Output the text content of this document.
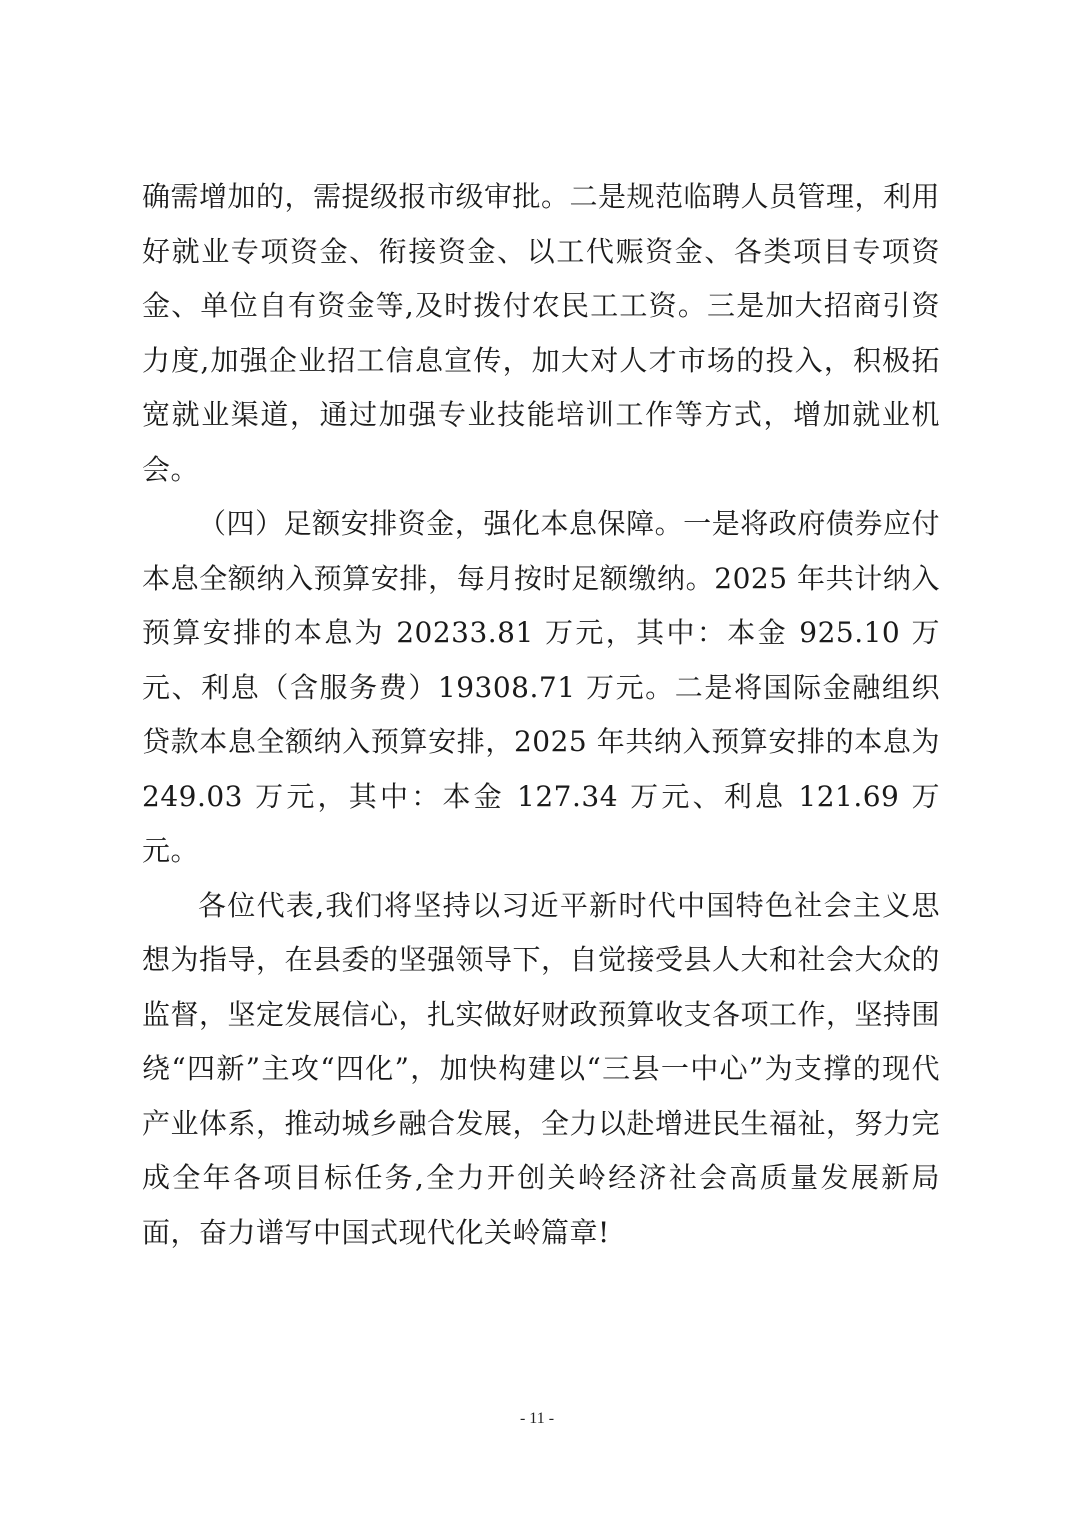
确需增加的，需提级报市级审批。二是规范临聘人员管理，利用好就业专项资金、衔接资金、以工代赈资金、各类项目专项资金、单位自有资金等,及时拨付农民工工资。三是加大招商引资力度,加强企业招工信息宣传，加大对人才市场的投入，积极拓宽就业渠道，通过加强专业技能培训工作等方式，增加就业机会。

（四）足额安排资金，强化本息保障。一是将政府债券应付本息全额纳入预算安排，每月按时足额缴纳。2025 年共计纳入预算安排的本息为 20233.81 万元，其中：本金 925.10 万元、利息（含服务费）19308.71 万元。二是将国际金融组织贷款本息全额纳入预算安排，2025 年共纳入预算安排的本息为 249.03 万元，其中：本金 127.34 万元、利息 121.69 万元。

各位代表,我们将坚持以习近平新时代中国特色社会主义思想为指导，在县委的坚强领导下，自觉接受县人大和社会大众的监督，坚定发展信心，扎实做好财政预算收支各项工作，坚持围绕“四新”主攻“四化”，加快构建以“三县一中心”为支撑的现代产业体系，推动城乡融合发展，全力以赴增进民生福祉，努力完成全年各项目标任务,全力开创关岭经济社会高质量发展新局面，奋力谱写中国式现代化关岭篇章!

- 11 -
